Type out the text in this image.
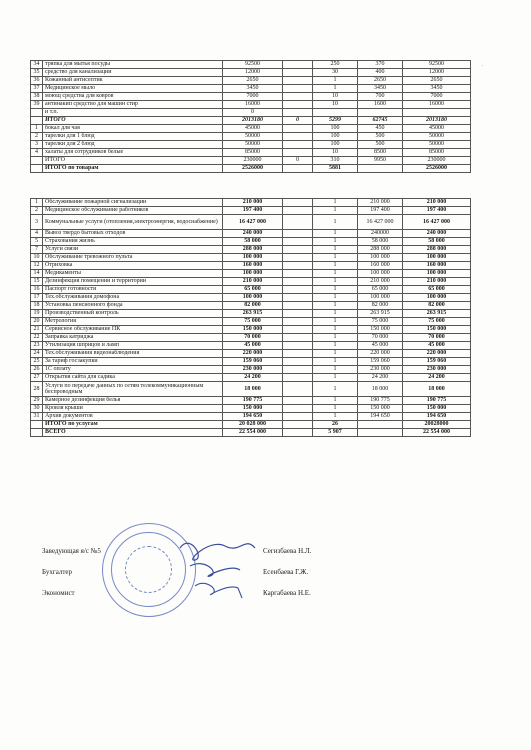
34	тряпка для мытья посуды	92500		250	370	92500
35	средство для канализации	12000		30	400	12000
36	Кожанный антисептик	2650		1	2650	2650
37	Медицинское мыло	3450		1	3450	3450
38	моющ средства для ковров	7000		10	700	7000
39	антинакип средство для машин стир	16000		10	1600	16000
	и т.п.	0				
	ИТОГО	2013180	0	5299	62745	2013180
1	бокал для чая	45000		100	450	45000
2	тарелки для 1 блюд	50000		100	500	50000
3	тарелки для 2 блюд	50000		100	500	50000
4	халаты для сотрудников белые	85000		10	8500	85000
	ИТОГО	230000	0	310	9950	230000
	ИТОГО по товарам	2526000		5881		2526000
1	Обслуживание пожарной сигнализации	210 000		1	210 000	210 000
2	Медицинское обслуживание работников	197 400		1	197 400	197 400
3	Коммунальные услуги (отопления,электроэнергия, водоснабжение)	16 427 000		1	16 427 000	16 427 000
4	Вывоз твердо бытовых отходов	240 000		1	240000	240 000
5	Страхования жизнь	58 000		1	58 000	58 000
7	Услуги связи	288 000		1	288 000	288 000
10	Обслуживание тревожного пульта	100 000		1	100 000	100 000
12	Отриховка	160 000		1	160 000	160 000
14	Медикаменты	100 000		1	100 000	100 000
15	Дезинфекция помещении и территории	210 000		1	210 000	210 000
16	Паспорт готовности	65 000		1	65 000	65 000
17	Тех.обслуживания домофона	100 000		1	100 000	100 000
18	Установка пенсионного фонда	82 000		1	82 000	82 000
19	Производственный контроль	263 915		1	263 915	263 915
20	Метрология	75 000		1	75 000	75 000
21	Сервисное обслуживание ПК	150 000		1	150 000	150 000
22	Заправка катриджа	70 000		1	70 000	70 000
23	Утилизация шприцов и ламп	45 000		1	45 000	45 000
24	Тех.обслуживания видеонаблюдения	220 000		1	220 000	220 000
25	За тариф госзакупки	159 060		1	159 060	159 060
26	1С оплату	230 000		1	230 000	230 000
27	Открытия сайта для садика	24 200		1	24 200	24 200
28	Услуги по передаче данных по сетям телекоммуникационным беспроводным	18 000		1	18 000	18 000
29	Камерное дезинфекция белья	190 775		1	190 775	190 775
30	Кровля крыши	150 000		1	150 000	150 000
31	Архив документов	194 650		1	194 650	194 650
	ИТОГО по услугам	20 028 000		26		20028000
	ВСЕГО	22 554 000		5 907		22 554 000
Заведующая я/с №5	Сегизбаева Н.Л.
Бухгалтер	Есенбаева Г.Ж.
Экономист	Каргабаева Н.Е.
.
